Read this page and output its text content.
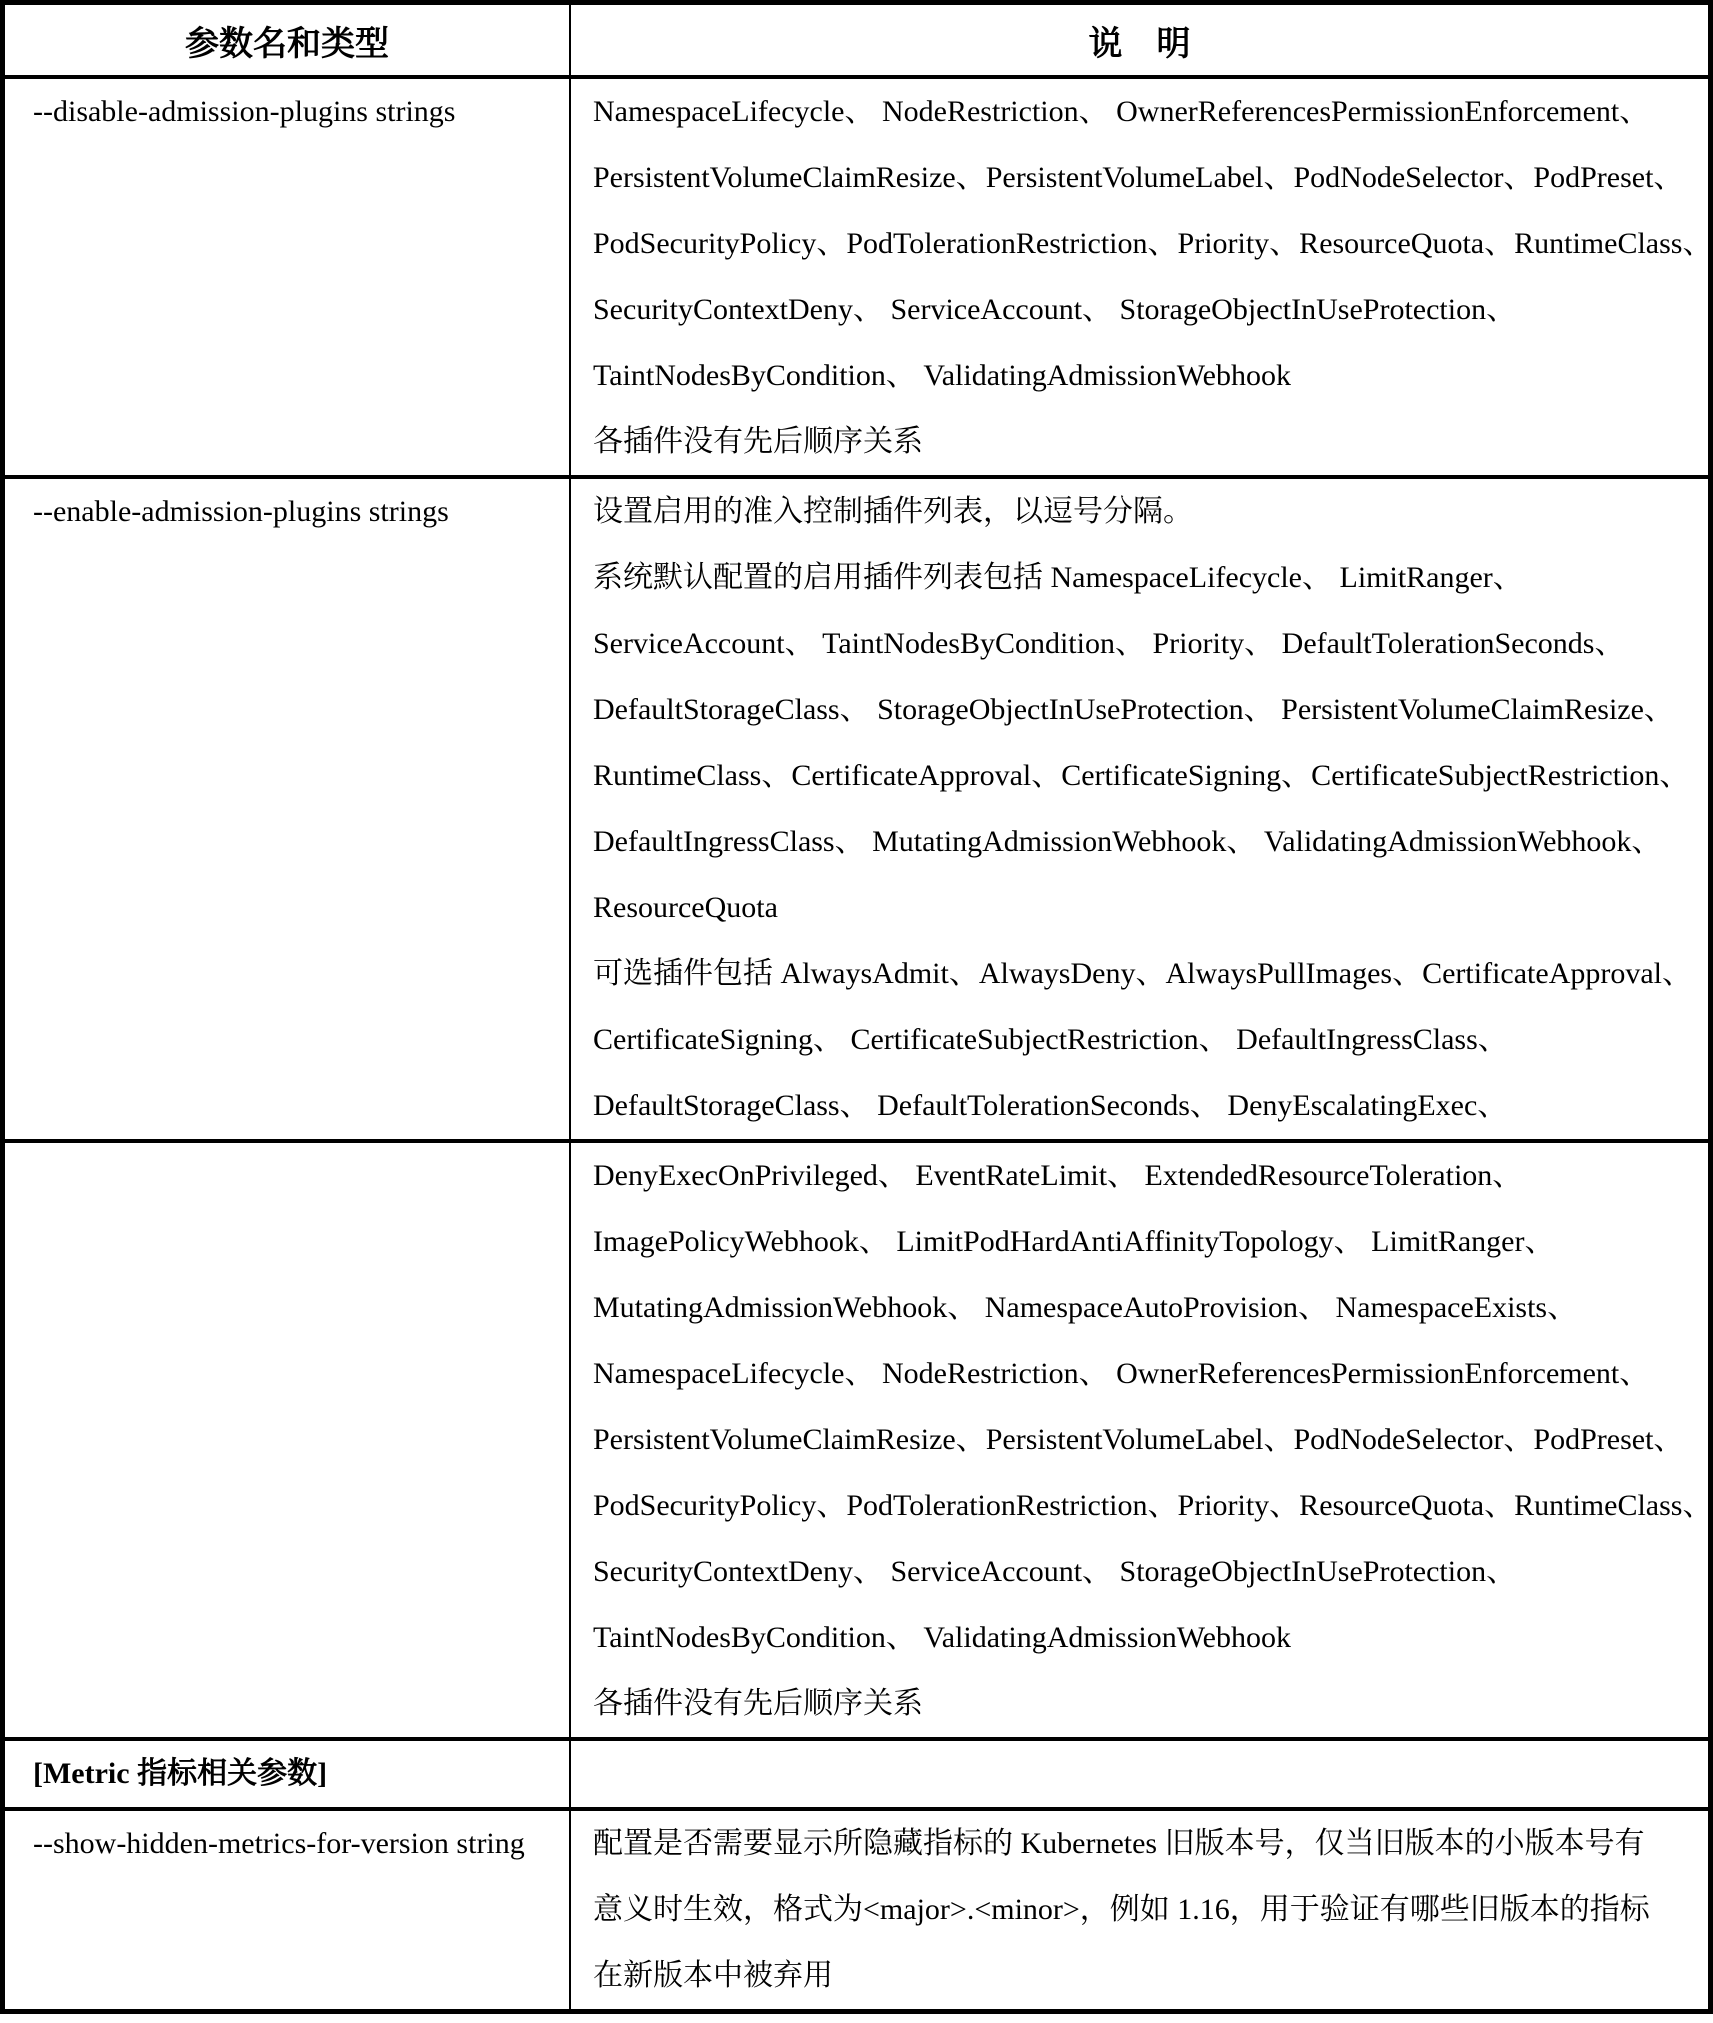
参数名和类型	说　明
--disable-admission-plugins strings	NamespaceLifecycle、 NodeRestriction、 OwnerReferencesPermissionEnforcement、
PersistentVolumeClaimResize、PersistentVolumeLabel、PodNodeSelector、PodPreset、
PodSecurityPolicy、PodTolerationRestriction、Priority、ResourceQuota、RuntimeClass、
SecurityContextDeny、 ServiceAccount、 StorageObjectInUseProtection、
TaintNodesByCondition、 ValidatingAdmissionWebhook
各插件没有先后顺序关系
--enable-admission-plugins strings	设置启用的准入控制插件列表，以逗号分隔。
系统默认配置的启用插件列表包括 NamespaceLifecycle、 LimitRanger、
ServiceAccount、 TaintNodesByCondition、 Priority、 DefaultTolerationSeconds、
DefaultStorageClass、 StorageObjectInUseProtection、 PersistentVolumeClaimResize、
RuntimeClass、CertificateApproval、CertificateSigning、CertificateSubjectRestriction、
DefaultIngressClass、 MutatingAdmissionWebhook、 ValidatingAdmissionWebhook、
ResourceQuota
可选插件包括 AlwaysAdmit、AlwaysDeny、AlwaysPullImages、CertificateApproval、
CertificateSigning、 CertificateSubjectRestriction、 DefaultIngressClass、
DefaultStorageClass、 DefaultTolerationSeconds、 DenyEscalatingExec、
DenyExecOnPrivileged、 EventRateLimit、 ExtendedResourceToleration、
ImagePolicyWebhook、 LimitPodHardAntiAffinityTopology、 LimitRanger、
MutatingAdmissionWebhook、 NamespaceAutoProvision、 NamespaceExists、
NamespaceLifecycle、 NodeRestriction、 OwnerReferencesPermissionEnforcement、
PersistentVolumeClaimResize、PersistentVolumeLabel、PodNodeSelector、PodPreset、
PodSecurityPolicy、PodTolerationRestriction、Priority、ResourceQuota、RuntimeClass、
SecurityContextDeny、 ServiceAccount、 StorageObjectInUseProtection、
TaintNodesByCondition、 ValidatingAdmissionWebhook
各插件没有先后顺序关系
[Metric 指标相关参数]
--show-hidden-metrics-for-version string	配置是否需要显示所隐藏指标的 Kubernetes 旧版本号，仅当旧版本的小版本号有
意义时生效，格式为<major>.<minor>，例如 1.16，用于验证有哪些旧版本的指标
在新版本中被弃用
